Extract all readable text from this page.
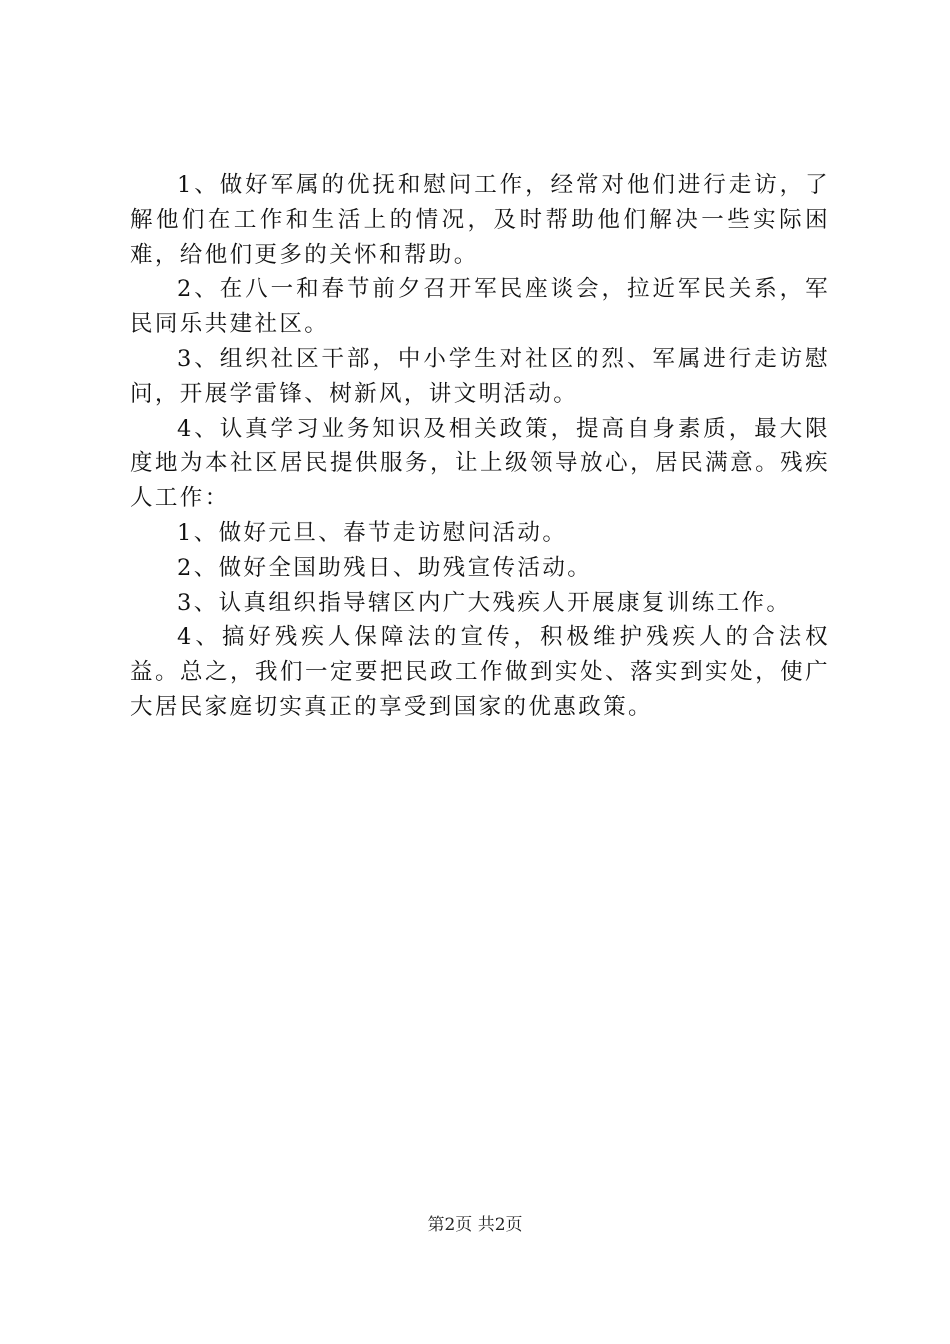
1、做好军属的优抚和慰问工作，经常对他们进行走访，了解他们在工作和生活上的情况，及时帮助他们解决一些实际困难，给他们更多的关怀和帮助。

2、在八一和春节前夕召开军民座谈会，拉近军民关系，军民同乐共建社区。

3、组织社区干部，中小学生对社区的烈、军属进行走访慰问，开展学雷锋、树新风，讲文明活动。

4、认真学习业务知识及相关政策，提高自身素质，最大限度地为本社区居民提供服务，让上级领导放心，居民满意。残疾人工作：

1、做好元旦、春节走访慰问活动。

2、做好全国助残日、助残宣传活动。

3、认真组织指导辖区内广大残疾人开展康复训练工作。

4、搞好残疾人保障法的宣传，积极维护残疾人的合法权益。总之，我们一定要把民政工作做到实处、落实到实处，使广大居民家庭切实真正的享受到国家的优惠政策。

第2页 共2页
